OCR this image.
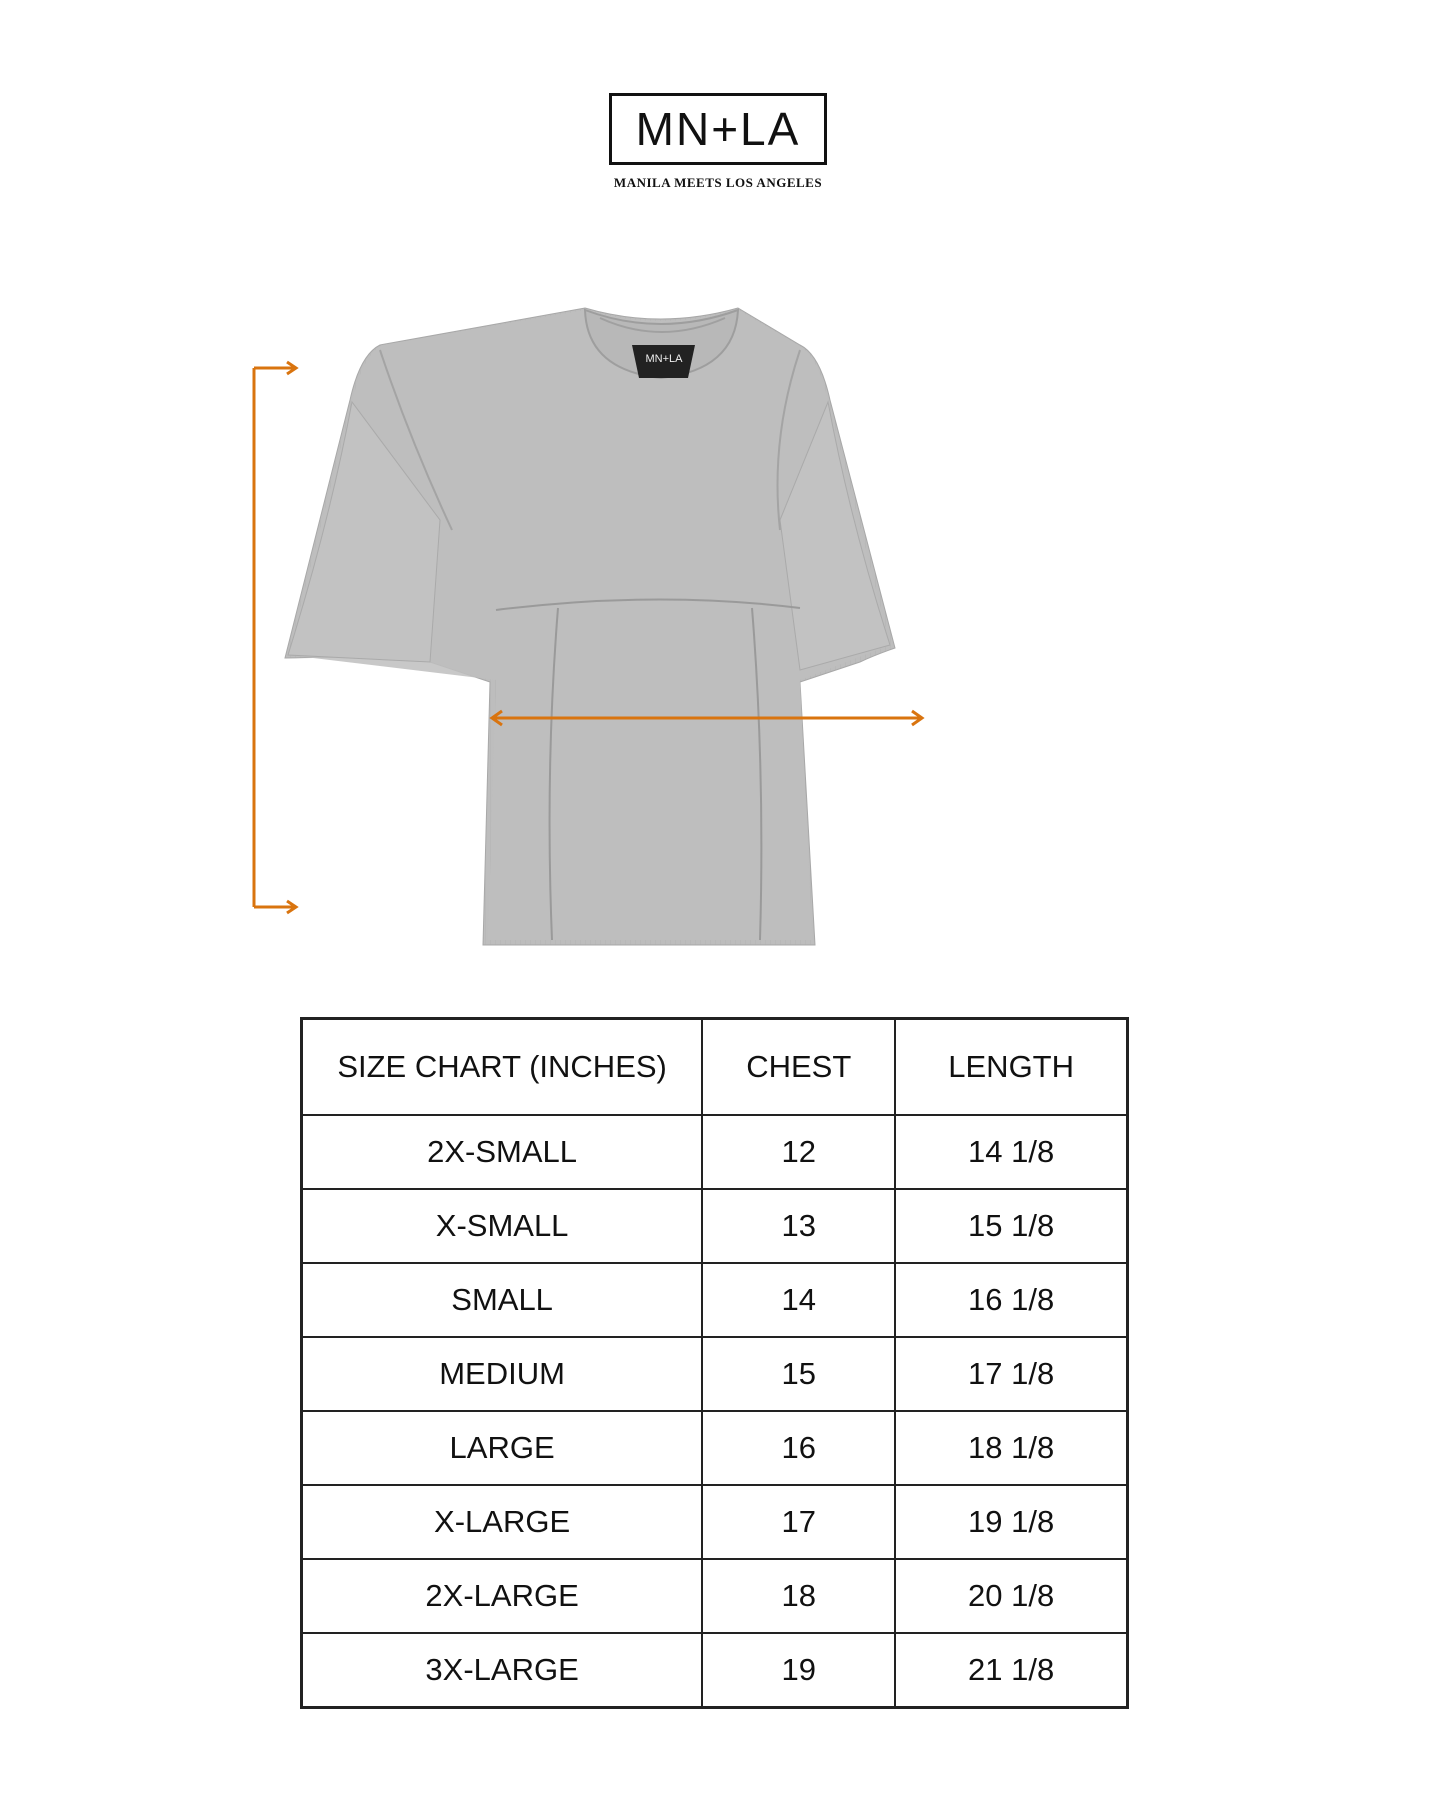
MN+LA
MANILA MEETS LOS ANGELES
MN+LA
SIZE CHART (INCHES)	CHEST	LENGTH
2X-SMALL	12	14 1/8
X-SMALL	13	15 1/8
SMALL	14	16 1/8
MEDIUM	15	17 1/8
LARGE	16	18 1/8
X-LARGE	17	19 1/8
2X-LARGE	18	20 1/8
3X-LARGE	19	21 1/8
